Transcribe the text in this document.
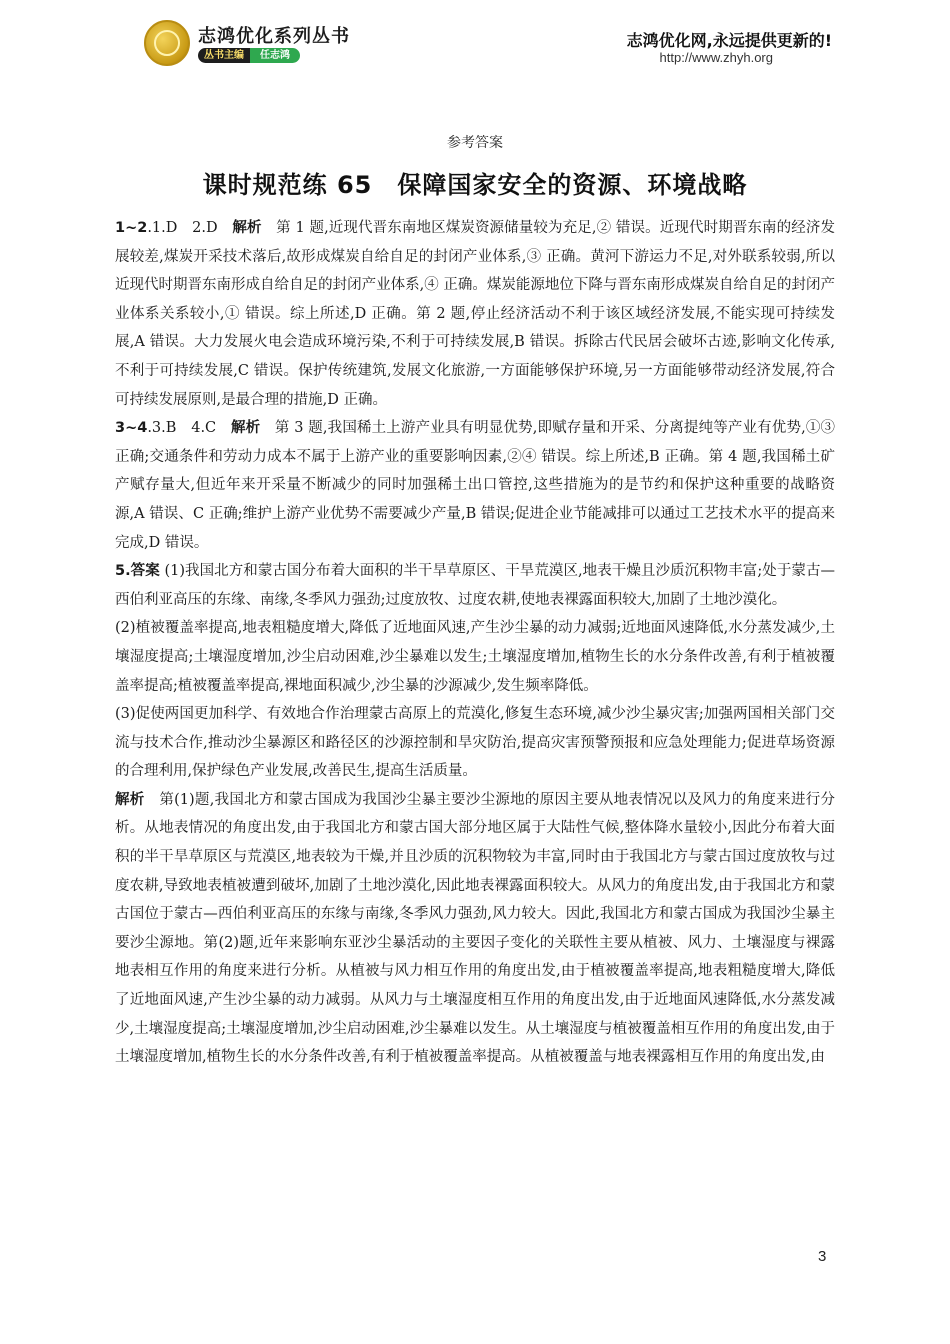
志鸿优化系列丛书
丛书主编	任志鸿
志鸿优化网,永远提供更新的!
http://www.zhyh.org
参考答案
课时规范练 65　保障国家安全的资源、环境战略

1~2.1.D　2.D　解析　第 1 题,近现代晋东南地区煤炭资源储量较为充足,② 错误。近现代时期晋东南的经济发展较差,煤炭开采技术落后,故形成煤炭自给自足的封闭产业体系,③ 正确。黄河下游运力不足,对外联系较弱,所以近现代时期晋东南形成自给自足的封闭产业体系,④ 正确。煤炭能源地位下降与晋东南形成煤炭自给自足的封闭产业体系关系较小,① 错误。综上所述,D 正确。第 2 题,停止经济活动不利于该区域经济发展,不能实现可持续发展,A 错误。大力发展火电会造成环境污染,不利于可持续发展,B 错误。拆除古代民居会破坏古迹,影响文化传承,不利于可持续发展,C 错误。保护传统建筑,发展文化旅游,一方面能够保护环境,另一方面能够带动经济发展,符合可持续发展原则,是最合理的措施,D 正确。

3~4.3.B　4.C　解析　第 3 题,我国稀土上游产业具有明显优势,即赋存量和开采、分离提纯等产业有优势,①③ 正确;交通条件和劳动力成本不属于上游产业的重要影响因素,②④ 错误。综上所述,B 正确。第 4 题,我国稀土矿产赋存量大,但近年来开采量不断减少的同时加强稀土出口管控,这些措施为的是节约和保护这种重要的战略资源,A 错误、C 正确;维护上游产业优势不需要减少产量,B 错误;促进企业节能减排可以通过工艺技术水平的提高来完成,D 错误。

5.答案 (1)我国北方和蒙古国分布着大面积的半干旱草原区、干旱荒漠区,地表干燥且沙质沉积物丰富;处于蒙古—西伯利亚高压的东缘、南缘,冬季风力强劲;过度放牧、过度农耕,使地表裸露面积较大,加剧了土地沙漠化。

(2)植被覆盖率提高,地表粗糙度增大,降低了近地面风速,产生沙尘暴的动力减弱;近地面风速降低,水分蒸发减少,土壤湿度提高;土壤湿度增加,沙尘启动困难,沙尘暴难以发生;土壤湿度增加,植物生长的水分条件改善,有利于植被覆盖率提高;植被覆盖率提高,裸地面积减少,沙尘暴的沙源减少,发生频率降低。

(3)促使两国更加科学、有效地合作治理蒙古高原上的荒漠化,修复生态环境,减少沙尘暴灾害;加强两国相关部门交流与技术合作,推动沙尘暴源区和路径区的沙源控制和旱灾防治,提高灾害预警预报和应急处理能力;促进草场资源的合理利用,保护绿色产业发展,改善民生,提高生活质量。

解析　第(1)题,我国北方和蒙古国成为我国沙尘暴主要沙尘源地的原因主要从地表情况以及风力的角度来进行分析。从地表情况的角度出发,由于我国北方和蒙古国大部分地区属于大陆性气候,整体降水量较小,因此分布着大面积的半干旱草原区与荒漠区,地表较为干燥,并且沙质的沉积物较为丰富,同时由于我国北方与蒙古国过度放牧与过度农耕,导致地表植被遭到破坏,加剧了土地沙漠化,因此地表裸露面积较大。从风力的角度出发,由于我国北方和蒙古国位于蒙古—西伯利亚高压的东缘与南缘,冬季风力强劲,风力较大。因此,我国北方和蒙古国成为我国沙尘暴主要沙尘源地。第(2)题,近年来影响东亚沙尘暴活动的主要因子变化的关联性主要从植被、风力、土壤湿度与裸露地表相互作用的角度来进行分析。从植被与风力相互作用的角度出发,由于植被覆盖率提高,地表粗糙度增大,降低了近地面风速,产生沙尘暴的动力减弱。从风力与土壤湿度相互作用的角度出发,由于近地面风速降低,水分蒸发减少,土壤湿度提高;土壤湿度增加,沙尘启动困难,沙尘暴难以发生。从土壤湿度与植被覆盖相互作用的角度出发,由于土壤湿度增加,植物生长的水分条件改善,有利于植被覆盖率提高。从植被覆盖与地表裸露相互作用的角度出发,由

3
